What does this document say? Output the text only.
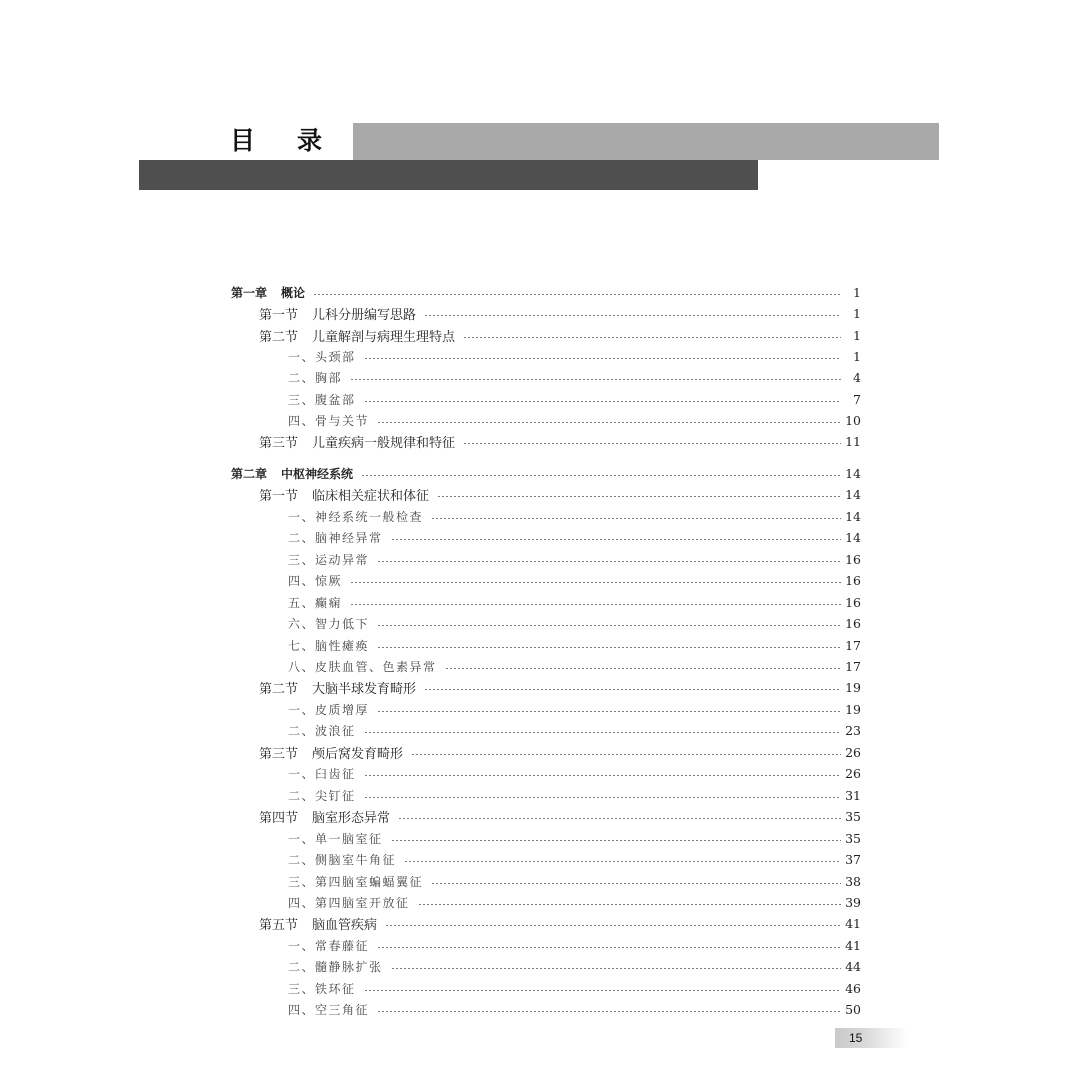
目 录
第一章 概论	1
第一节 儿科分册编写思路	1
第二节 儿童解剖与病理生理特点	1
一、头颈部	1
二、胸部	4
三、腹盆部	7
四、骨与关节	10
第三节 儿童疾病一般规律和特征	11
第二章 中枢神经系统	14
第一节 临床相关症状和体征	14
一、神经系统一般检查	14
二、脑神经异常	14
三、运动异常	16
四、惊厥	16
五、癫痫	16
六、智力低下	16
七、脑性瘫痪	17
八、皮肤血管、色素异常	17
第二节 大脑半球发育畸形	19
一、皮质增厚	19
二、波浪征	23
第三节 颅后窝发育畸形	26
一、臼齿征	26
二、尖钉征	31
第四节 脑室形态异常	35
一、单一脑室征	35
二、侧脑室牛角征	37
三、第四脑室蝙蝠翼征	38
四、第四脑室开放征	39
第五节 脑血管疾病	41
一、常春藤征	41
二、髓静脉扩张	44
三、铁环征	46
四、空三角征	50
15
